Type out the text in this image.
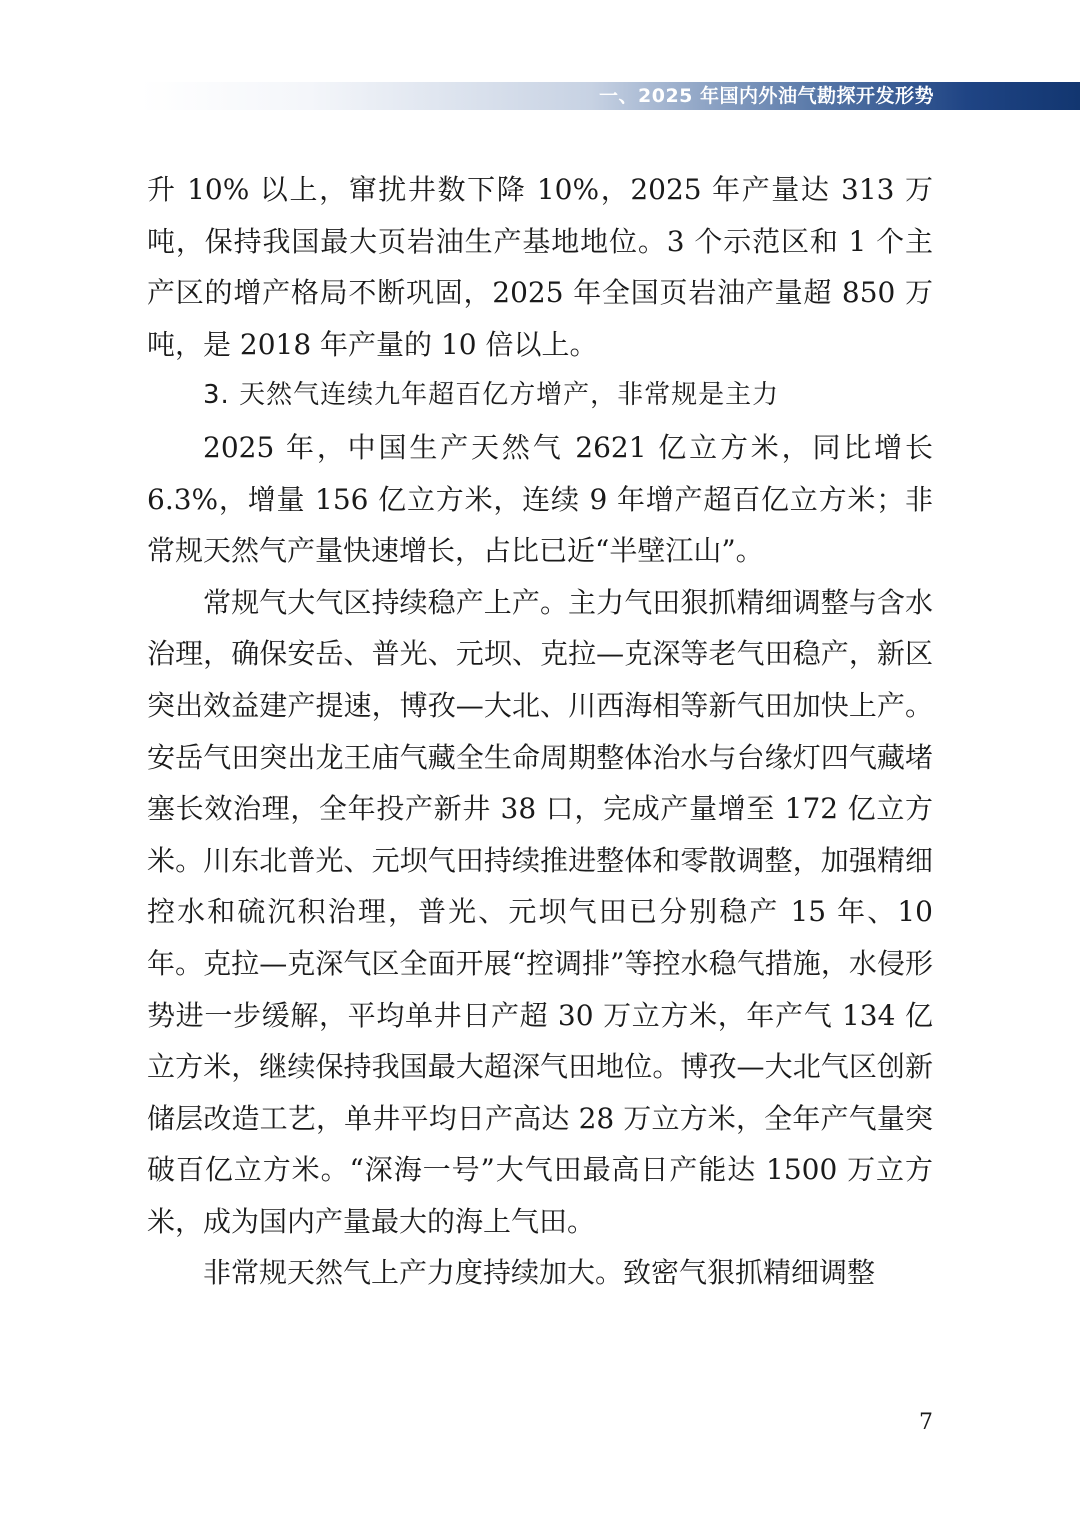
一、2025 年国内外油气勘探开发形势

升 10% 以上，窜扰井数下降 10%，2025 年产量达 313 万吨，保持我国最大页岩油生产基地地位。3 个示范区和 1 个主产区的增产格局不断巩固，2025 年全国页岩油产量超 850 万吨，是 2018 年产量的 10 倍以上。

3. 天然气连续九年超百亿方增产，非常规是主力

2025 年，中国生产天然气 2621 亿立方米，同比增长 6.3%，增量 156 亿立方米，连续 9 年增产超百亿立方米；非常规天然气产量快速增长，占比已近“半壁江山”。

常规气大气区持续稳产上产。主力气田狠抓精细调整与含水治理，确保安岳、普光、元坝、克拉—克深等老气田稳产，新区突出效益建产提速，博孜—大北、川西海相等新气田加快上产。安岳气田突出龙王庙气藏全生命周期整体治水与台缘灯四气藏堵塞长效治理，全年投产新井 38 口，完成产量增至 172 亿立方米。川东北普光、元坝气田持续推进整体和零散调整，加强精细控水和硫沉积治理，普光、元坝气田已分别稳产 15 年、10 年。克拉—克深气区全面开展“控调排”等控水稳气措施，水侵形势进一步缓解，平均单井日产超 30 万立方米，年产气 134 亿立方米，继续保持我国最大超深气田地位。博孜—大北气区创新储层改造工艺，单井平均日产高达 28 万立方米，全年产气量突破百亿立方米。“深海一号”大气田最高日产能达 1500 万立方米，成为国内产量最大的海上气田。

非常规天然气上产力度持续加大。致密气狠抓精细调整

7
